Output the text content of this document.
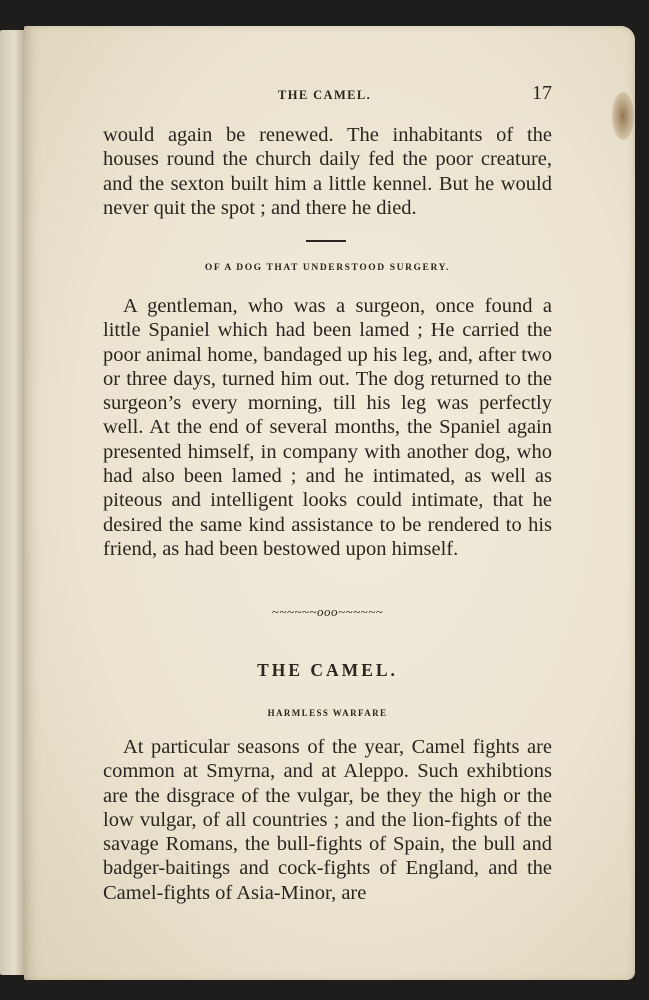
THE CAMEL.	17

would again be renewed. The inhabitants of the houses round the church daily fed the poor creature, and the sexton built him a little kennel. But he would never quit the spot ; and there he died.

OF A DOG THAT UNDERSTOOD SURGERY.

A gentleman, who was a surgeon, once found a little Spaniel which had been lamed ; He carried the poor animal home, bandaged up his leg, and, after two or three days, turned him out. The dog returned to the surgeon’s every morning, till his leg was perfectly well. At the end of several months, the Spaniel again presented himself, in company with another dog, who had also been lamed ; and he intimated, as well as piteous and intelligent looks could intimate, that he desired the same kind assistance to be rendered to his friend, as had been bestowed upon himself.

~~~~~~ooo~~~~~~
THE CAMEL.
HARMLESS WARFARE

At particular seasons of the year, Camel fights are common at Smyrna, and at Aleppo. Such exhibtions are the disgrace of the vulgar, be they the high or the low vulgar, of all countries ; and the lion-fights of the savage Romans, the bull-fights of Spain, the bull and badger-baitings and cock-fights of England, and the Camel-fights of Asia-Minor, are
